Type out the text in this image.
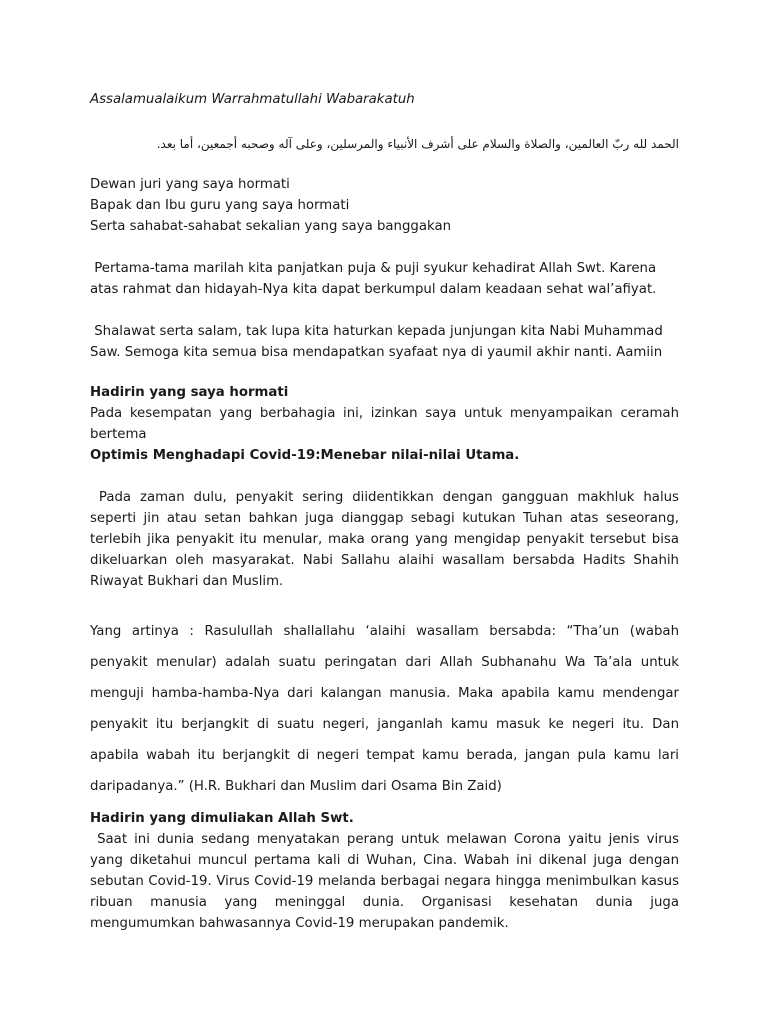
Assalamualaikum Warrahmatullahi Wabarakatuh

الحمد لله ربّ العالمين، والصلاة والسلام على أشرف الأنبياء والمرسلين، وعلى آله وصحبه أجمعين، أما بعد.

Dewan juri yang saya hormati
Bapak dan Ibu guru yang saya hormati
Serta sahabat-sahabat sekalian yang saya banggakan

Pertama-tama marilah kita panjatkan puja & puji syukur kehadirat Allah Swt. Karena atas rahmat dan hidayah-Nya kita dapat berkumpul dalam keadaan sehat wal’afiyat.

Shalawat serta salam, tak lupa kita haturkan kepada junjungan kita Nabi Muhammad Saw. Semoga kita semua bisa mendapatkan syafaat nya di yaumil akhir nanti. Aamiin

Hadirin yang saya hormati

Pada kesempatan yang berbahagia ini, izinkan saya untuk menyampaikan ceramah bertema

Optimis Menghadapi Covid-19:Menebar nilai-nilai Utama.

Pada zaman dulu, penyakit sering diidentikkan dengan gangguan makhluk halus seperti jin atau setan bahkan juga dianggap sebagi kutukan Tuhan atas seseorang, terlebih jika penyakit itu menular, maka orang yang mengidap penyakit tersebut bisa dikeluarkan oleh masyarakat. Nabi Sallahu alaihi wasallam bersabda Hadits Shahih Riwayat Bukhari dan Muslim.

Yang artinya : Rasulullah shallallahu ‘alaihi wasallam bersabda: “Tha’un (wabah penyakit menular) adalah suatu peringatan dari Allah Subhanahu Wa Ta’ala untuk menguji hamba-hamba-Nya dari kalangan manusia. Maka apabila kamu mendengar penyakit itu berjangkit di suatu negeri, janganlah kamu masuk ke negeri itu. Dan apabila wabah itu berjangkit di negeri tempat kamu berada, jangan pula kamu lari daripadanya.” (H.R. Bukhari dan Muslim dari Osama Bin Zaid)

Hadirin yang dimuliakan Allah Swt.

Saat ini dunia sedang menyatakan perang untuk melawan Corona yaitu jenis virus yang diketahui muncul pertama kali di Wuhan, Cina. Wabah ini dikenal juga dengan sebutan Covid-19. Virus Covid-19 melanda berbagai negara hingga menimbulkan kasus ribuan manusia yang meninggal dunia. Organisasi kesehatan dunia juga mengumumkan bahwasannya Covid-19 merupakan pandemik.
